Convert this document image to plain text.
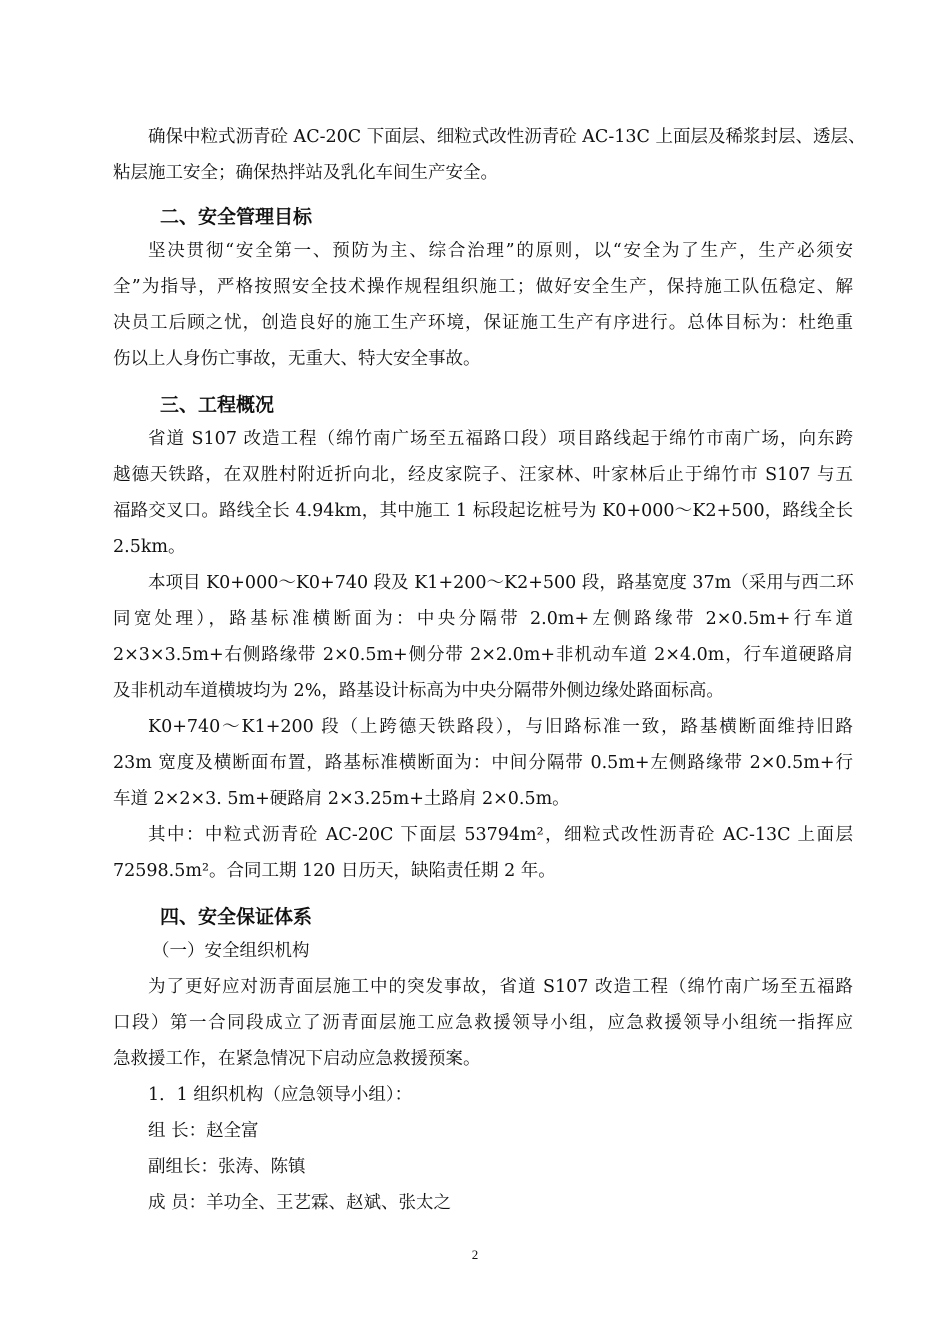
确保中粒式沥青砼 AC-20C 下面层、细粒式改性沥青砼 AC-13C 上面层及稀浆封层、透层、
粘层施工安全；确保热拌站及乳化车间生产安全。
二、安全管理目标
坚决贯彻“安全第一、预防为主、综合治理”的原则，以“安全为了生产，生产必须安
全”为指导，严格按照安全技术操作规程组织施工；做好安全生产，保持施工队伍稳定、解
决员工后顾之忧，创造良好的施工生产环境，保证施工生产有序进行。总体目标为：杜绝重
伤以上人身伤亡事故，无重大、特大安全事故。
三、工程概况
省道 S107 改造工程（绵竹南广场至五福路口段）项目路线起于绵竹市南广场，向东跨
越德天铁路，在双胜村附近折向北，经皮家院子、汪家林、叶家林后止于绵竹市 S107 与五
福路交叉口。路线全长 4.94km，其中施工 1 标段起讫桩号为 K0+000～K2+500，路线全长
2.5km。
本项目 K0+000～K0+740 段及 K1+200～K2+500 段，路基宽度 37m（采用与西二环
同宽处理），路基标准横断面为：中央分隔带 2.0m+左侧路缘带 2×0.5m+行车道
2×3×3.5m+右侧路缘带 2×0.5m+侧分带 2×2.0m+非机动车道 2×4.0m，行车道硬路肩
及非机动车道横坡均为 2%，路基设计标高为中央分隔带外侧边缘处路面标高。
K0+740～K1+200 段（上跨德天铁路段），与旧路标准一致，路基横断面维持旧路
23m 宽度及横断面布置，路基标准横断面为：中间分隔带 0.5m+左侧路缘带 2×0.5m+行
车道 2×2×3. 5m+硬路肩 2×3.25m+土路肩 2×0.5m。
其中：中粒式沥青砼 AC-20C 下面层 53794m²，细粒式改性沥青砼 AC-13C 上面层
72598.5m²。合同工期 120 日历天，缺陷责任期 2 年。
四、安全保证体系
（一）安全组织机构
为了更好应对沥青面层施工中的突发事故，省道 S107 改造工程（绵竹南广场至五福路
口段）第一合同段成立了沥青面层施工应急救援领导小组，应急救援领导小组统一指挥应
急救援工作，在紧急情况下启动应急救援预案。
1．1 组织机构（应急领导小组）：
组 长：赵全富
副组长：张涛、陈镇
成 员：羊功全、王艺霖、赵斌、张太之
2
